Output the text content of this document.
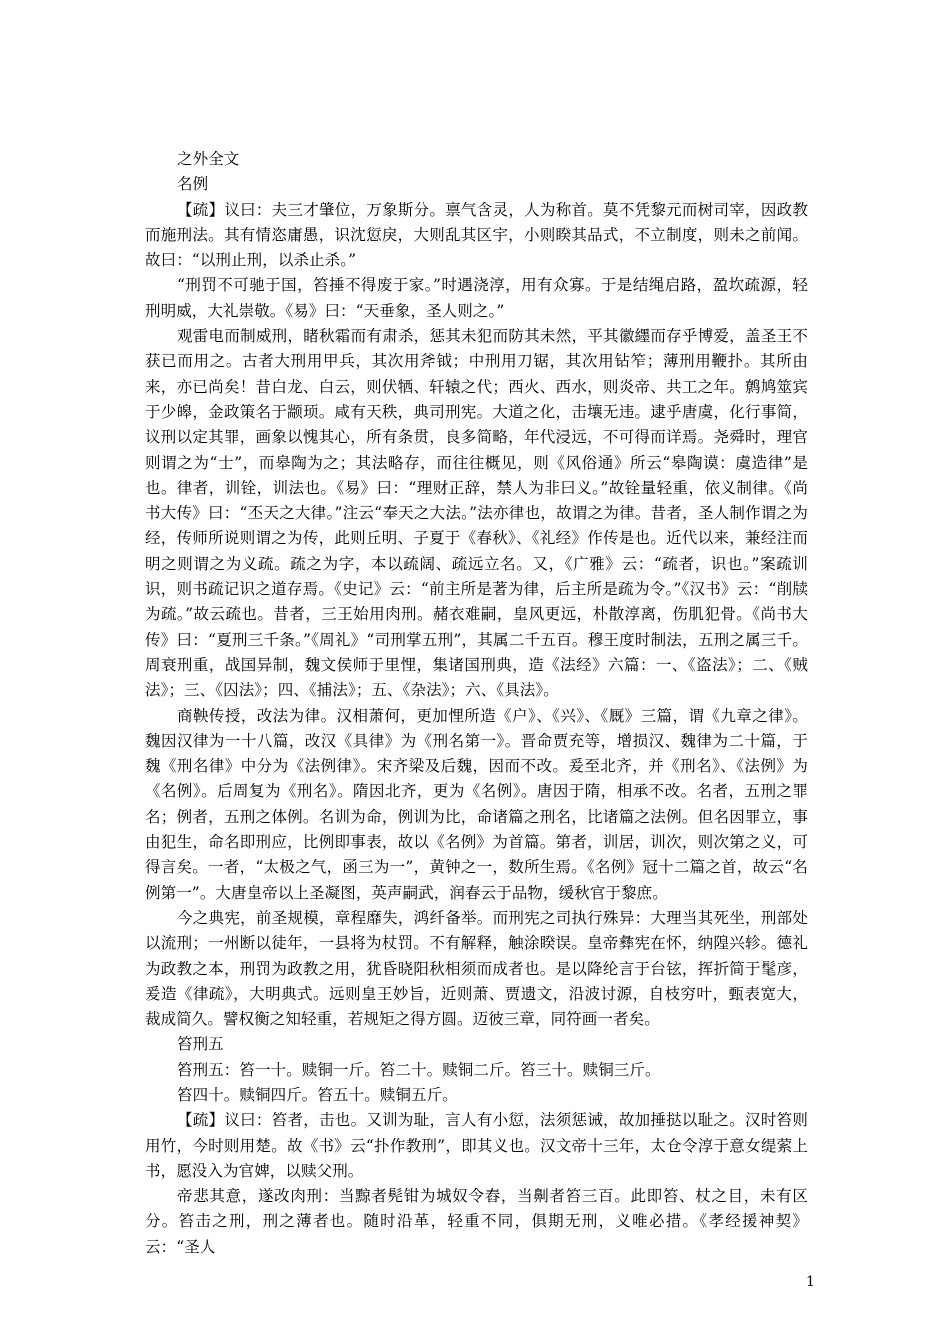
之外全文

名例

【疏】议曰：夫三才肇位，万象斯分。禀气含灵，人为称首。莫不凭黎元而树司宰，因政教而施刑法。其有情恣庸愚，识沈愆戾，大则乱其区宇，小则睽其品式，不立制度，则未之前闻。故曰：“以刑止刑，以杀止杀。”

“刑罚不可驰于国，笞捶不得废于家。”时遇浇淳，用有众寡。于是结绳启路，盈坎疏源，轻刑明威，大礼崇敬。《易》曰：“天垂象，圣人则之。”

观雷电而制威刑，睹秋霜而有肃杀，惩其未犯而防其未然，平其徽纆而存乎博爱，盖圣王不获已而用之。古者大刑用甲兵，其次用斧钺；中刑用刀锯，其次用钻笮；薄刑用鞭扑。其所由来，亦已尚矣！昔白龙、白云，则伏牺、轩辕之代；西火、西水，则炎帝、共工之年。鹩鸠筮宾于少皞，金政策名于颛顼。咸有天秩，典司刑宪。大道之化，击壤无违。逮乎唐虞，化行事简，议刑以定其罪，画象以愧其心，所有条贯，良多简略，年代浸远，不可得而详焉。尧舜时，理官则谓之为“士”，而皋陶为之；其法略存，而往往概见，则《风俗通》所云“皋陶谟：虞造律”是也。律者，训铨，训法也。《易》曰：“理财正辞，禁人为非曰义。”故铨量轻重，依义制律。《尚书大传》曰：“丕天之大律。”注云“奉天之大法。”法亦律也，故谓之为律。昔者，圣人制作谓之为经，传师所说则谓之为传，此则丘明、子夏于《春秋》、《礼经》作传是也。近代以来，兼经注而明之则谓之为义疏。疏之为字，本以疏阔、疏远立名。又，《广雅》云：“疏者，识也。”案疏训识，则书疏记识之道存焉。《史记》云：“前主所是著为律，后主所是疏为令。”《汉书》云：“削牍为疏。”故云疏也。昔者，三王始用肉刑。赭衣难嗣，皇风更远，朴散淳离，伤肌犯骨。《尚书大传》曰：“夏刑三千条。”《周礼》“司刑掌五刑”，其属二千五百。穆王度时制法，五刑之属三千。周衰刑重，战国异制，魏文侯师于里悝，集诸国刑典，造《法经》六篇：一、《盗法》；二、《贼法》；三、《囚法》；四、《捕法》；五、《杂法》；六、《具法》。

商鞅传授，改法为律。汉相萧何，更加悝所造《户》、《兴》、《厩》三篇，谓《九章之律》。魏因汉律为一十八篇，改汉《具律》为《刑名第一》。晋命贾充等，增损汉、魏律为二十篇，于魏《刑名律》中分为《法例律》。宋齐梁及后魏，因而不改。爰至北齐，并《刑名》、《法例》为《名例》。后周复为《刑名》。隋因北齐，更为《名例》。唐因于隋，相承不改。名者，五刑之罪名；例者，五刑之体例。名训为命，例训为比，命诸篇之刑名，比诸篇之法例。但名因罪立，事由犯生，命名即刑应，比例即事表，故以《名例》为首篇。第者，训居，训次，则次第之义，可得言矣。一者，“太极之气，函三为一”，黄钟之一，数所生焉。《名例》冠十二篇之首，故云“名例第一”。大唐皇帝以上圣凝图，英声嗣武，润春云于品物，缓秋官于黎庶。

今之典宪，前圣规模，章程靡失，鸿纤备举。而刑宪之司执行殊异：大理当其死坐，刑部处以流刑；一州断以徒年，一县将为杖罚。不有解释，触涂睽误。皇帝彝宪在怀，纳隍兴轸。德礼为政教之本，刑罚为政教之用，犹昏晓阳秋相须而成者也。是以降纶言于台铉，挥折简于髦彦，爰造《律疏》，大明典式。远则皇王妙旨，近则萧、贾遗文，沿波讨源，自枝穷叶，甄表宽大，裁成简久。譬权衡之知轻重，若规矩之得方圆。迈彼三章，同符画一者矣。

笞刑五

笞刑五：笞一十。赎铜一斤。笞二十。赎铜二斤。笞三十。赎铜三斤。

笞四十。赎铜四斤。笞五十。赎铜五斤。

【疏】议曰：笞者，击也。又训为耻，言人有小愆，法须惩诫，故加捶挞以耻之。汉时笞则用竹，今时则用楚。故《书》云“扑作教刑”，即其义也。汉文帝十三年，太仓令淳于意女缇萦上书，愿没入为官婢，以赎父刑。

帝悲其意，遂改肉刑：当黥者髡钳为城奴令舂，当劓者笞三百。此即笞、杖之目，未有区分。笞击之刑，刑之薄者也。随时沿革，轻重不同，俱期无刑，义唯必措。《孝经援神契》云：“圣人

1
